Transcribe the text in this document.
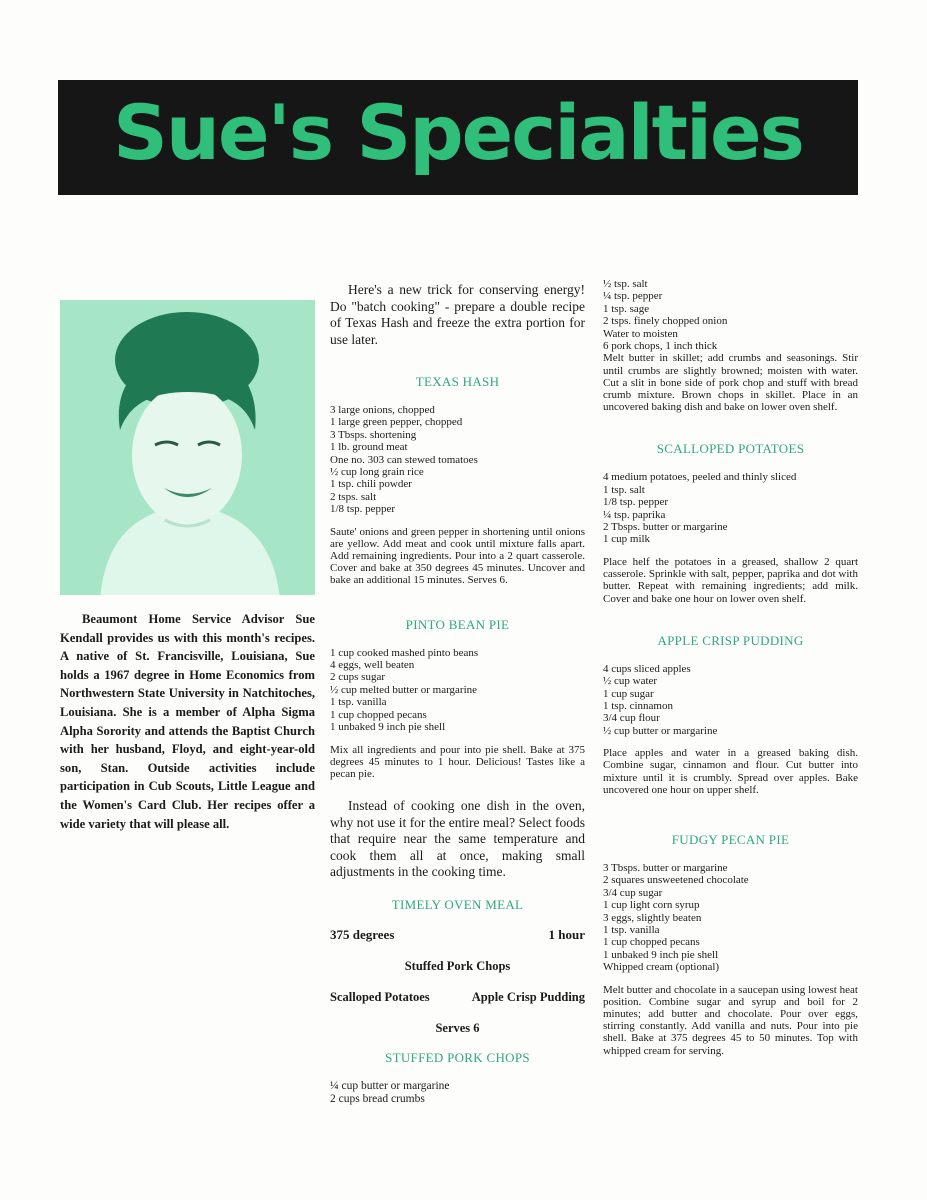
Sue's Specialties
Beaumont Home Service Advisor Sue Kendall provides us with this month's recipes. A native of St. Francisville, Louisiana, Sue holds a 1967 degree in Home Economics from Northwestern State University in Natchitoches, Louisiana. She is a member of Alpha Sigma Alpha Sorority and attends the Baptist Church with her husband, Floyd, and eight-year-old son, Stan. Outside activities include participation in Cub Scouts, Little League and the Women's Card Club. Her recipes offer a wide variety that will please all.

Here's a new trick for conserving energy! Do "batch cooking" - prepare a double recipe of Texas Hash and freeze the extra portion for use later.

TEXAS HASH

3 large onions, chopped
1 large green pepper, chopped
3 Tbsps. shortening
1 lb. ground meat
One no. 303 can stewed tomatoes
½ cup long grain rice
1 tsp. chili powder
2 tsps. salt
1/8 tsp. pepper

Saute' onions and green pepper in shortening until onions are yellow. Add meat and cook until mixture falls apart. Add remaining ingredients. Pour into a 2 quart casserole. Cover and bake at 350 degrees 45 minutes. Uncover and bake an additional 15 minutes. Serves 6.

PINTO BEAN PIE

1 cup cooked mashed pinto beans
4 eggs, well beaten
2 cups sugar
½ cup melted butter or margarine
1 tsp. vanilla
1 cup chopped pecans
1 unbaked 9 inch pie shell

Mix all ingredients and pour into pie shell. Bake at 375 degrees 45 minutes to 1 hour. Delicious! Tastes like a pecan pie.

Instead of cooking one dish in the oven, why not use it for the entire meal? Select foods that require near the same temperature and cook them all at once, making small adjustments in the cooking time.

TIMELY OVEN MEAL

375 degrees	1 hour
Stuffed Pork Chops
Scalloped Potatoes	Apple Crisp Pudding
Serves 6

STUFFED PORK CHOPS

¼ cup butter or margarine
2 cups bread crumbs
½ tsp. salt
¼ tsp. pepper
1 tsp. sage
2 tsps. finely chopped onion
Water to moisten
6 pork chops, 1 inch thick

Melt butter in skillet; add crumbs and seasonings. Stir until crumbs are slightly browned; moisten with water. Cut a slit in bone side of pork chop and stuff with bread crumb mixture. Brown chops in skillet. Place in an uncovered baking dish and bake on lower oven shelf.

SCALLOPED POTATOES

4 medium potatoes, peeled and thinly sliced
1 tsp. salt
1/8 tsp. pepper
¼ tsp. paprika
2 Tbsps. butter or margarine
1 cup milk

Place helf the potatoes in a greased, shallow 2 quart casserole. Sprinkle with salt, pepper, paprika and dot with butter. Repeat with remaining ingredients; add milk. Cover and bake one hour on lower oven shelf.

APPLE CRISP PUDDING

4 cups sliced apples
½ cup water
1 cup sugar
1 tsp. cinnamon
3/4 cup flour
½ cup butter or margarine

Place apples and water in a greased baking dish. Combine sugar, cinnamon and flour. Cut butter into mixture until it is crumbly. Spread over apples. Bake uncovered one hour on upper shelf.

FUDGY PECAN PIE

3 Tbsps. butter or margarine
2 squares unsweetened chocolate
3/4 cup sugar
1 cup light corn syrup
3 eggs, slightly beaten
1 tsp. vanilla
1 cup chopped pecans
1 unbaked 9 inch pie shell
Whipped cream (optional)

Melt butter and chocolate in a saucepan using lowest heat position. Combine sugar and syrup and boil for 2 minutes; add butter and chocolate. Pour over eggs, stirring constantly. Add vanilla and nuts. Pour into pie shell. Bake at 375 degrees 45 to 50 minutes. Top with whipped cream for serving.
